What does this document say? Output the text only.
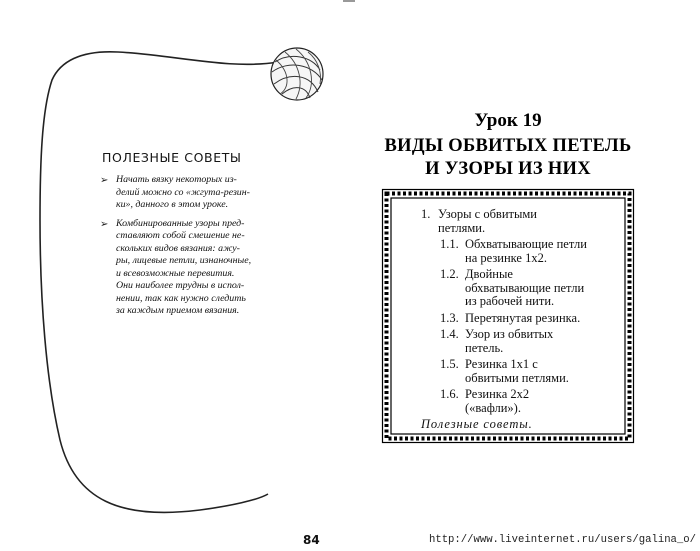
ПОЛЕЗНЫЕ СОВЕТЫ
➢ Начать вязку некоторых из-
делий можно со «жгута-резин-
ки», данного в этом уроке.
➢ Комбинированные узоры пред-
ставляют собой смешение не-
скольких видов вязания: ажу-
ры, лицевые петли, изнаночные,
и всевозможные перевития.
Они наиболее трудны в испол-
нении, так как нужно следить
за каждым приемом вязания.
84
Урок 19
ВИДЫ ОБВИТЫХ ПЕТЕЛЬ
И УЗОРЫ ИЗ НИХ
1. Узоры с обвитыми
петлями.
1.1. Обхватывающие петли
на резинке 1х2.
1.2. Двойные
обхватывающие петли
из рабочей нити.
1.3. Перетянутая резинка.
1.4. Узор из обвитых
петель.
1.5. Резинка 1х1 с
обвитыми петлями.
1.6. Резинка 2х2
(«вафли»).
Полезные советы.
http://www.liveinternet.ru/users/galina_o/
